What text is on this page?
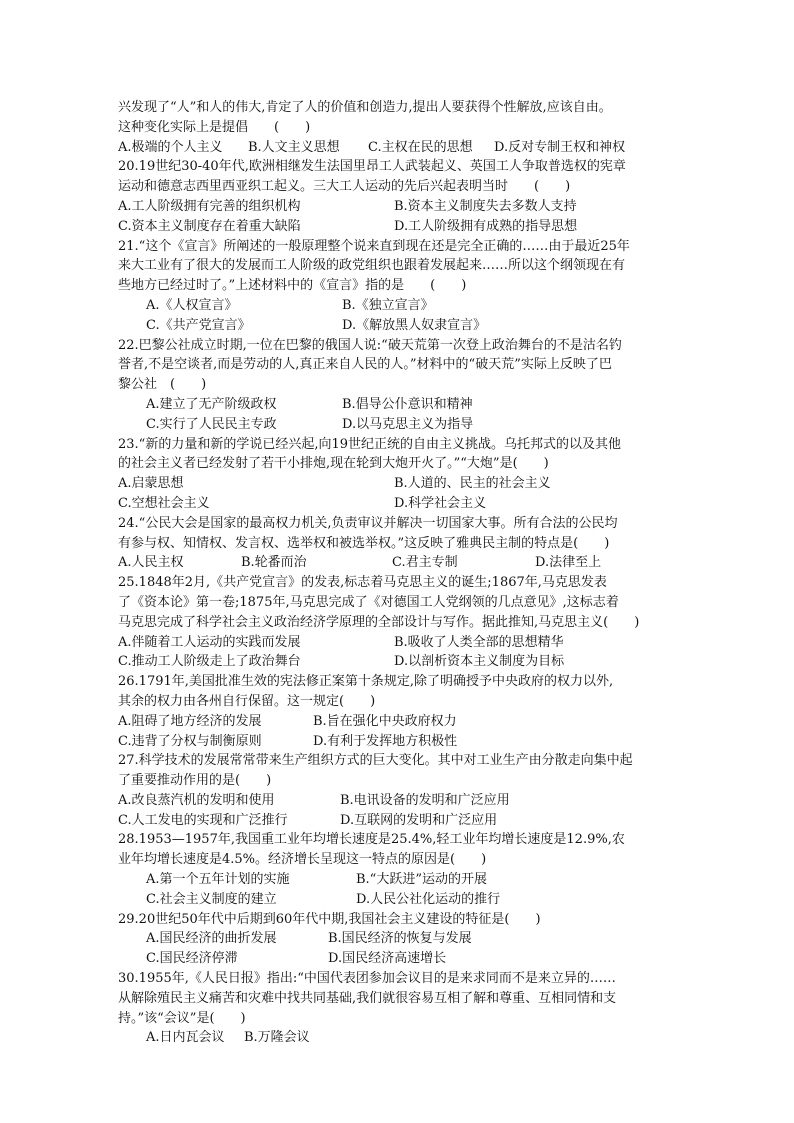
兴发现了“人”和人的伟大,肯定了人的价值和创造力,提出人要获得个性解放,应该自由。
这种变化实际上是提倡　　(　　)
A.极端的个人主义 B.人文主义思想 C.主权在民的思想 D.反对专制王权和神权
20.19世纪30-40年代,欧洲相继发生法国里昂工人武装起义、英国工人争取普选权的宪章
运动和德意志西里西亚织工起义。三大工人运动的先后兴起表明当时　　(　　)
A.工人阶级拥有完善的组织机构	B.资本主义制度失去多数人支持
C.资本主义制度存在着重大缺陷	D.工人阶级拥有成熟的指导思想
21.“这个《宣言》所阐述的一般原理整个说来直到现在还是完全正确的……由于最近25年
来大工业有了很大的发展而工人阶级的政党组织也跟着发展起来……所以这个纲领现在有
些地方已经过时了。”上述材料中的《宣言》指的是　　(　　)
A.《人权宣言》	B.《独立宣言》
C.《共产党宣言》	D.《解放黑人奴隶宣言》
22.巴黎公社成立时期,一位在巴黎的俄国人说:“破天荒第一次登上政治舞台的不是沽名钓
誉者,不是空谈者,而是劳动的人,真正来自人民的人。”材料中的“破天荒”实际上反映了巴
黎公社　(　　)
A.建立了无产阶级政权	B.倡导公仆意识和精神
C.实行了人民民主专政	D.以马克思主义为指导
23.“新的力量和新的学说已经兴起,向19世纪正统的自由主义挑战。乌托邦式的以及其他
的社会主义者已经发射了若干小排炮,现在轮到大炮开火了。”“大炮”是(　　)
A.启蒙思想	B.人道的、民主的社会主义
C.空想社会主义	D.科学社会主义
24.“公民大会是国家的最高权力机关,负责审议并解决一切国家大事。所有合法的公民均
有参与权、知情权、发言权、选举权和被选举权。”这反映了雅典民主制的特点是(　　)
A.人民主权	B.轮番而治	C.君主专制	D.法律至上
25.1848年2月,《共产党宣言》的发表,标志着马克思主义的诞生;1867年,马克思发表
了《资本论》第一卷;1875年,马克思完成了《对德国工人党纲领的几点意见》,这标志着
马克思完成了科学社会主义政治经济学原理的全部设计与写作。据此推知,马克思主义(　　)
A.伴随着工人运动的实践而发展	B.吸收了人类全部的思想精华
C.推动工人阶级走上了政治舞台	D.以剖析资本主义制度为目标
26.1791年,美国批准生效的宪法修正案第十条规定,除了明确授予中央政府的权力以外,
其余的权力由各州自行保留。这一规定(　　)
A.阻碍了地方经济的发展	B.旨在强化中央政府权力
C.违背了分权与制衡原则	D.有利于发挥地方积极性
27.科学技术的发展常常带来生产组织方式的巨大变化。其中对工业生产由分散走向集中起
了重要推动作用的是(　　)
A.改良蒸汽机的发明和使用	B.电讯设备的发明和广泛应用
C.人工发电的实现和广泛推行	D.互联网的发明和广泛应用
28.1953—1957年,我国重工业年均增长速度是25.4%,轻工业年均增长速度是12.9%,农
业年均增长速度是4.5%。经济增长呈现这一特点的原因是(　　)
A.第一个五年计划的实施	B.“大跃进”运动的开展
C.社会主义制度的建立	D.人民公社化运动的推行
29.20世纪50年代中后期到60年代中期,我国社会主义建设的特征是(　　)
A.国民经济的曲折发展	B.国民经济的恢复与发展
C.国民经济停滞	D.国民经济高速增长
30.1955年,《人民日报》指出:“中国代表团参加会议目的是来求同而不是来立异的……
从解除殖民主义痛苦和灾难中找共同基础,我们就很容易互相了解和尊重、互相同情和支
持。”该“会议”是(　　)
A.日内瓦会议 B.万隆会议
